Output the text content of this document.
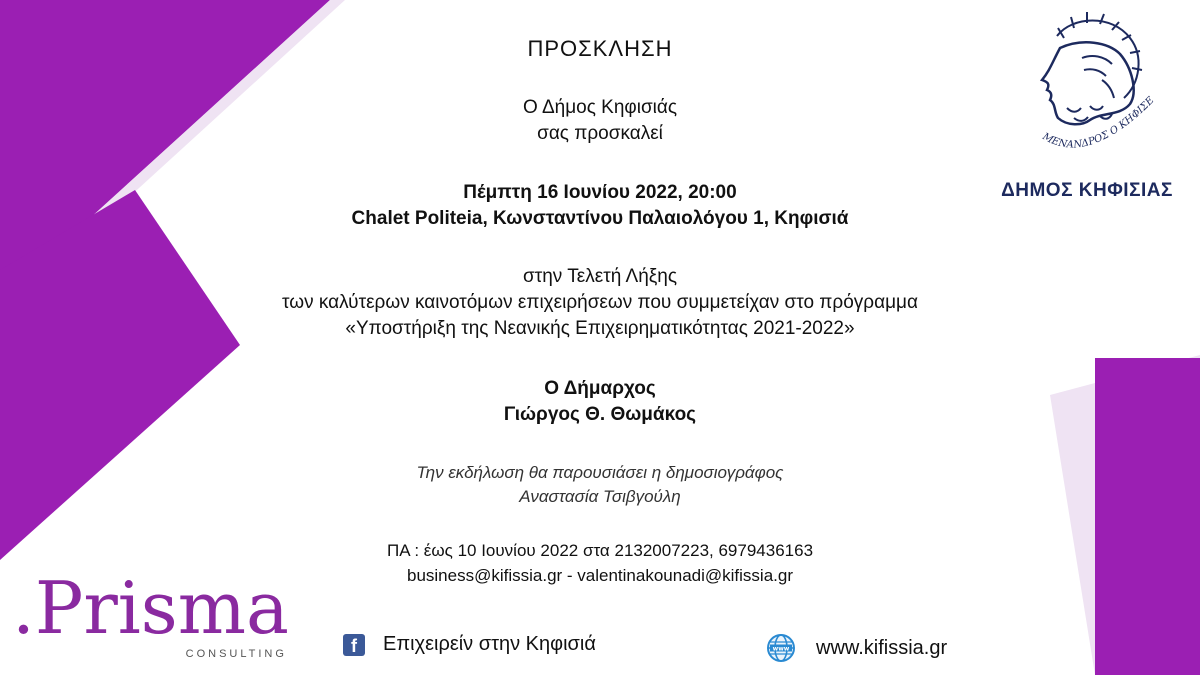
ΠΡΟΣΚΛΗΣΗ
Ο Δήμος Κηφισιάς
σας προσκαλεί
Πέμπτη 16 Ιουνίου 2022, 20:00
Chalet Politeia, Κωνσταντίνου Παλαιολόγου 1, Κηφισιά
στην Τελετή Λήξης
των καλύτερων καινοτόμων επιχειρήσεων που συμμετείχαν στο πρόγραμμα
«Υποστήριξη της Νεανικής Επιχειρηματικότητας 2021-2022»
Ο Δήμαρχος
Γιώργος Θ. Θωμάκος
Την εκδήλωση θα παρουσιάσει η δημοσιογράφος
Αναστασία Τσιβγούλη
ΠΑ : έως 10 Ιουνίου 2022 στα 2132007223, 6979436163
business@kifissia.gr - valentinakounadi@kifissia.gr
ΜΕΝΑΝΔΡΟΣ Ο ΚΗΦΙΣΕ
ΔΗΜΟΣ ΚΗΦΙΣΙΑΣ
.Prisma
CONSULTING	f	Επιχειρείν στην Κηφισιά	www www.kifissia.gr
